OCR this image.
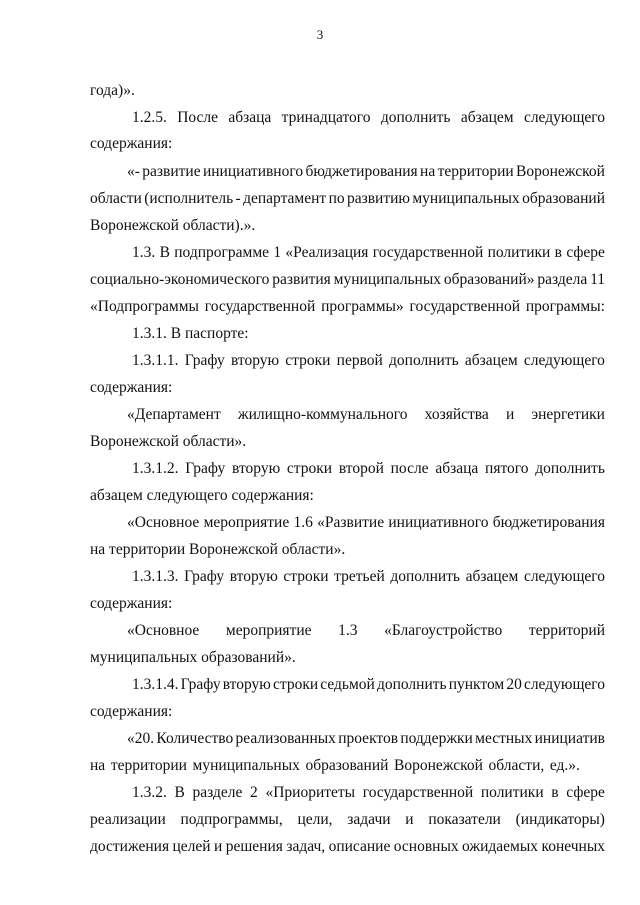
3
года)».
1.2.5. После абзаца тринадцатого дополнить абзацем следующего
содержания:
«- развитие инициативного бюджетирования на территории Воронежской
области (исполнитель - департамент по развитию муниципальных образований
Воронежской области).».
1.3. В подпрограмме 1 «Реализация государственной политики в сфере
социально-экономического развития муниципальных образований» раздела 11
«Подпрограммы государственной программы» государственной программы:
1.3.1. В паспорте:
1.3.1.1. Графу вторую строки первой дополнить абзацем следующего
содержания:
«Департамент жилищно-коммунального хозяйства и энергетики
Воронежской области».
1.3.1.2. Графу вторую строки второй после абзаца пятого дополнить
абзацем следующего содержания:
«Основное мероприятие 1.6 «Развитие инициативного бюджетирования
на территории Воронежской области».
1.3.1.3. Графу вторую строки третьей дополнить абзацем следующего
содержания:
«Основное мероприятие 1.3 «Благоустройство территорий
муниципальных образований».
1.3.1.4. Графу вторую строки седьмой дополнить пунктом 20 следующего
содержания:
«20. Количество реализованных проектов поддержки местных инициатив
на территории муниципальных образований Воронежской области, ед.».
1.3.2. В разделе 2 «Приоритеты государственной политики в сфере
реализации подпрограммы, цели, задачи и показатели (индикаторы)
достижения целей и решения задач, описание основных ожидаемых конечных
